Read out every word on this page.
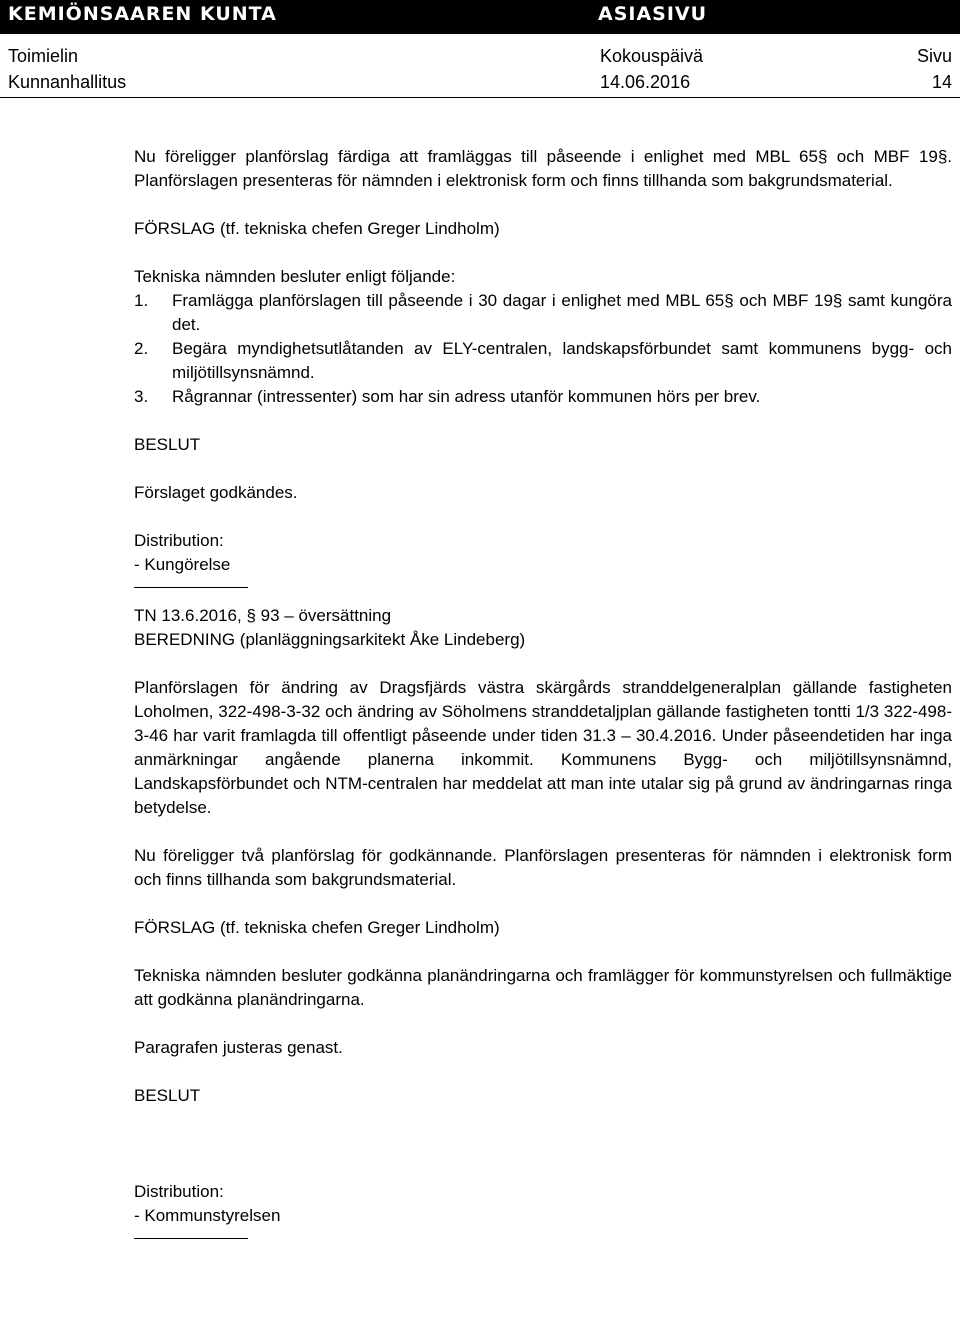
KEMIÖNSAAREN KUNTA	ASIASIVU
Toimielin
Kunnanhallitus
Kokouspäivä
14.06.2016
Sivu
14

Nu föreligger planförslag färdiga att framläggas till påseende i enlighet med MBL 65§ och MBF 19§. Planförslagen presenteras för nämnden i elektronisk form och finns tillhanda som bakgrundsmaterial.

FÖRSLAG (tf. tekniska chefen Greger Lindholm)

Tekniska nämnden besluter enligt följande:

1. Framlägga planförslagen till påseende i 30 dagar i enlighet med MBL 65§ och MBF 19§ samt kungöra det.
2. Begära myndighetsutlåtanden av ELY-centralen, landskapsförbundet samt kommunens bygg- och miljötillsynsnämnd.
3. Rågrannar (intressenter) som har sin adress utanför kommunen hörs per brev.

BESLUT

Förslaget godkändes.

Distribution:

- Kungörelse

TN 13.6.2016, § 93 – översättning

BEREDNING (planläggningsarkitekt Åke Lindeberg)

Planförslagen för ändring av Dragsfjärds västra skärgårds stranddelgeneralplan gällande fastigheten Loholmen, 322-498-3-32 och ändring av Söholmens stranddetaljplan gällande fastigheten tontti 1/3 322-498-3-46 har varit framlagda till offentligt påseende under tiden 31.3 – 30.4.2016. Under påseendetiden har inga anmärkningar angående planerna inkommit. Kommunens Bygg- och miljötillsynsnämnd, Landskapsförbundet och NTM-centralen har meddelat att man inte utalar sig på grund av ändringarnas ringa betydelse.

Nu föreligger två planförslag för godkännande. Planförslagen presenteras för nämnden i elektronisk form och finns tillhanda som bakgrundsmaterial.

FÖRSLAG (tf. tekniska chefen Greger Lindholm)

Tekniska nämnden besluter godkänna planändringarna och framlägger för kommunstyrelsen och fullmäktige att godkänna planändringarna.

Paragrafen justeras genast.

BESLUT

Distribution:

- Kommunstyrelsen
